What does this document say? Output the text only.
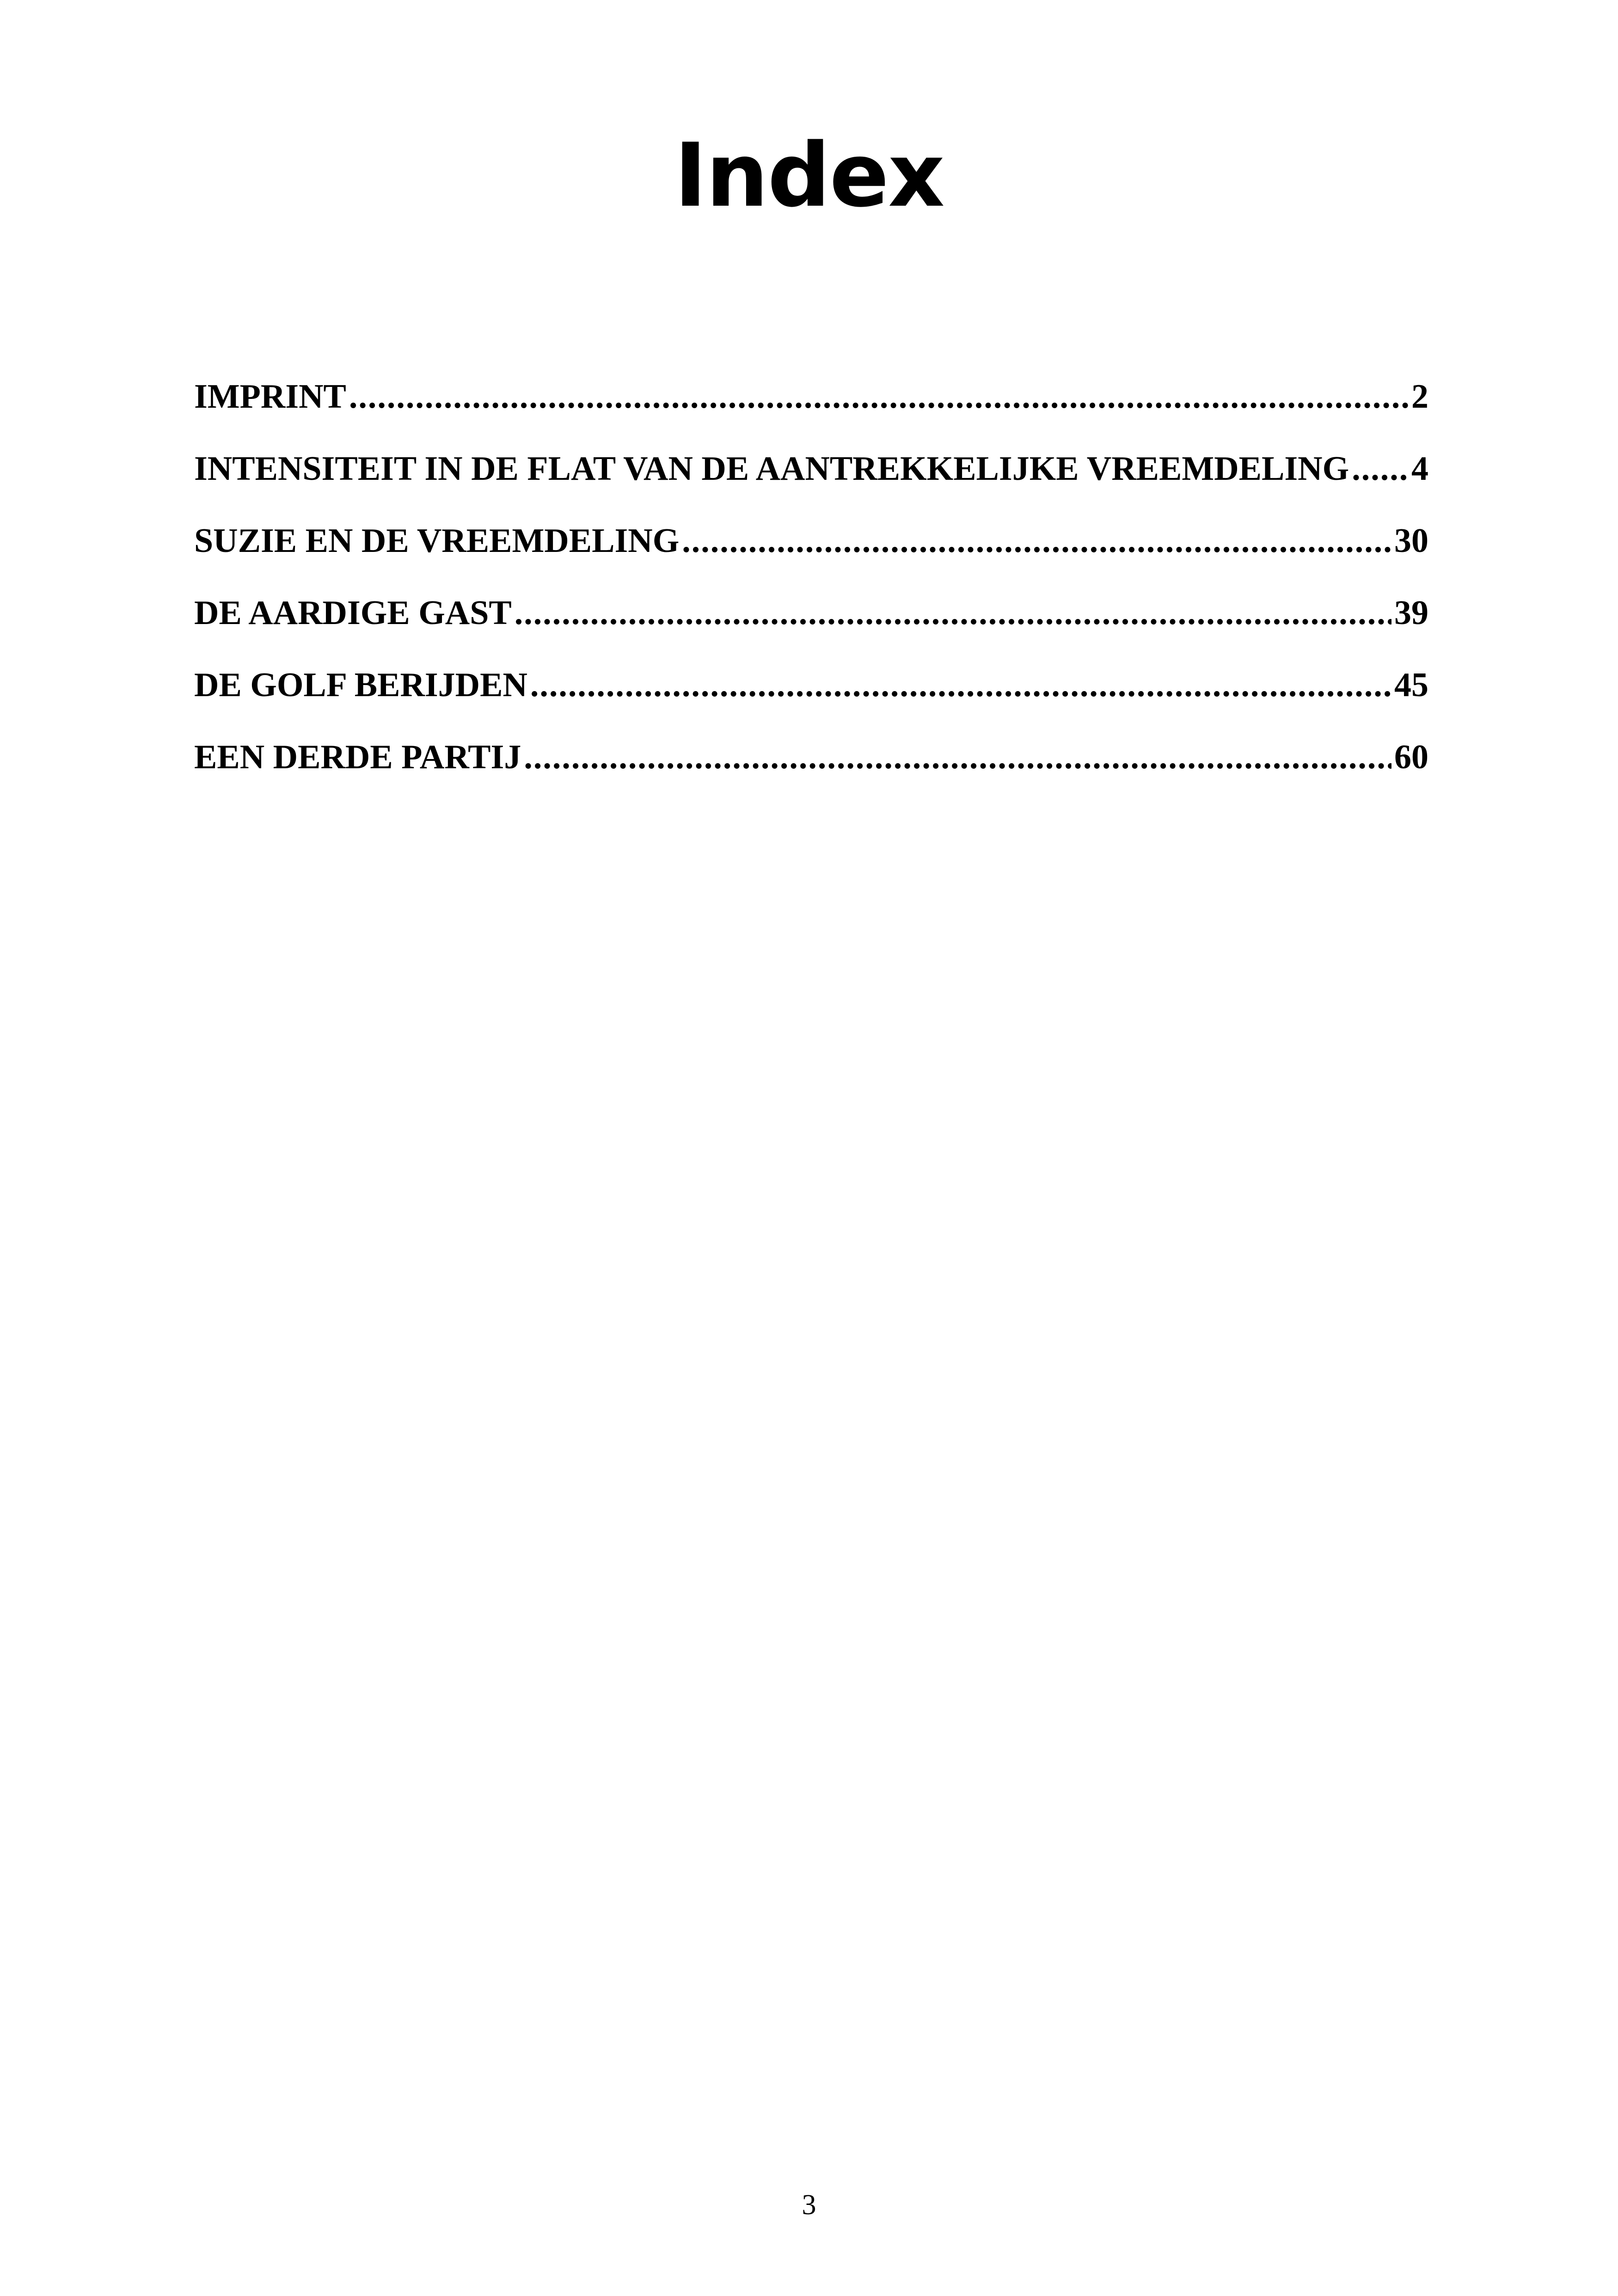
Index
IMPRINT .....	2
INTENSITEIT IN DE FLAT VAN DE AANTREKKELIJKE VREEMDELING ..... 4
SUZIE EN DE VREEMDELING .....	30
DE AARDIGE GAST .....	39
DE GOLF BERIJDEN .....	45
EEN DERDE PARTIJ .....	60
3
